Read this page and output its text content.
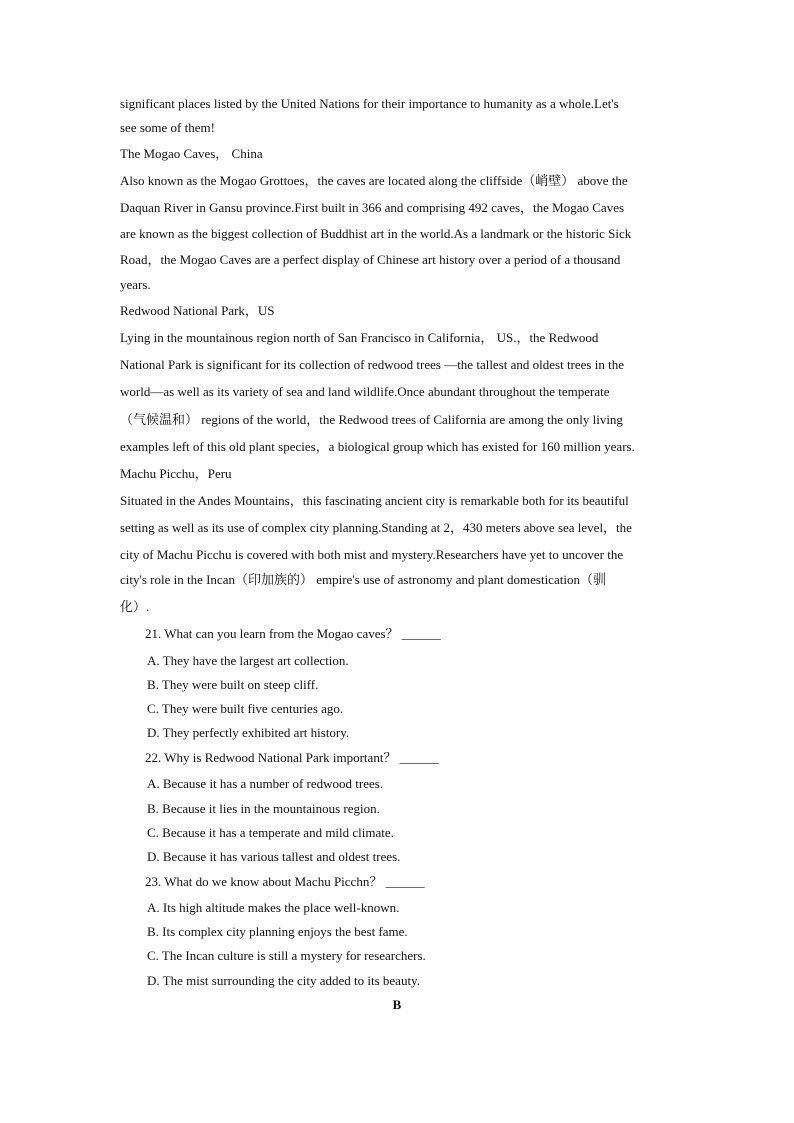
significant places listed by the United Nations for their importance to humanity as a whole.Let's
see some of them!
The Mogao Caves， China
Also known as the Mogao Grottoes，the caves are located along the cliffside（峭壁） above the
Daquan River in Gansu province.First built in 366 and comprising 492 caves，the Mogao Caves
are known as the biggest collection of Buddhist art in the world.As a landmark or the historic Sick
Road，the Mogao Caves are a perfect display of Chinese art history over a period of a thousand
years.
Redwood National Park，US
Lying in the mountainous region north of San Francisco in California， US.，the Redwood
National Park is significant for its collection of redwood trees —the tallest and oldest trees in the
world—as well as its variety of sea and land wildlife.Once abundant throughout the temperate
（气候温和） regions of the world，the Redwood trees of California are among the only living
examples left of this old plant species，a biological group which has existed for 160 million years.
Machu Picchu，Peru
Situated in the Andes Mountains，this fascinating ancient city is remarkable both for its beautiful
setting as well as its use of complex city planning.Standing at 2，430 meters above sea level，the
city of Machu Picchu is covered with both mist and mystery.Researchers have yet to uncover the
city's role in the Incan（印加族的） empire's use of astronomy and plant domestication（驯
化）.
21. What can you learn from the Mogao caves？ ______
A. They have the largest art collection.
B. They were built on steep cliff.
C. They were built five centuries ago.
D. They perfectly exhibited art history.
22. Why is Redwood National Park important？ ______
A. Because it has a number of redwood trees.
B. Because it lies in the mountainous region.
C. Because it has a temperate and mild climate.
D. Because it has various tallest and oldest trees.
23. What do we know about Machu Picchn？ ______
A. Its high altitude makes the place well-known.
B. Its complex city planning enjoys the best fame.
C. The Incan culture is still a mystery for researchers.
D. The mist surrounding the city added to its beauty.
B
